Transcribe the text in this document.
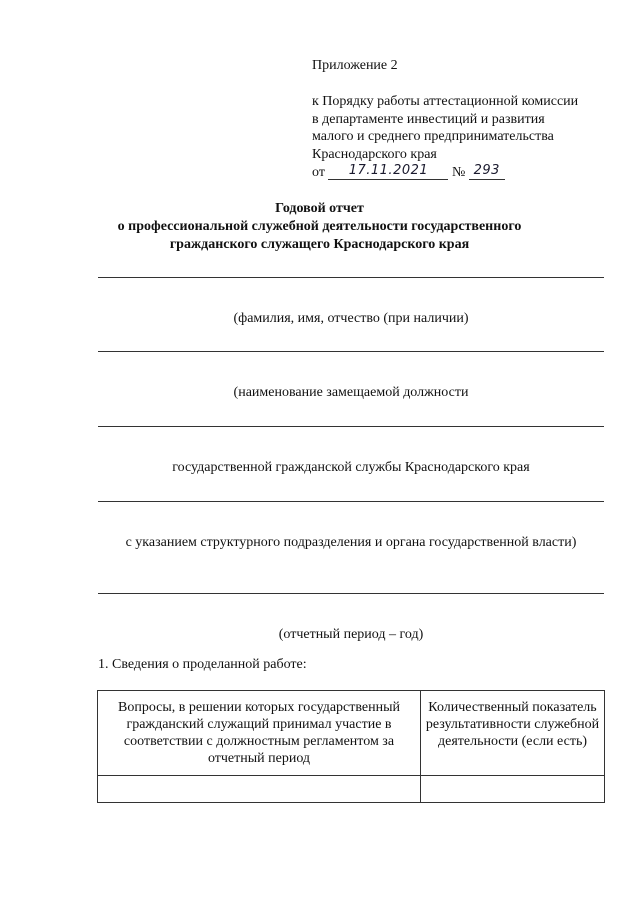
Приложение 2
к Порядку работы аттестационной комиссии
в департаменте инвестиций и развития
малого и среднего предпринимательства
Краснодарского края
от 17.11.2021 № 293
Годовой отчет
о профессиональной служебной деятельности государственного
гражданского служащего Краснодарского края
(фамилия, имя, отчество (при наличии)
(наименование замещаемой должности
государственной гражданской службы Краснодарского края
с указанием структурного подразделения и органа государственной власти)
(отчетный период – год)
1. Сведения о проделанной работе:
Вопросы, в решении которых государственный гражданский служащий принимал участие в соответствии с должностным регламентом за отчетный период	Количественный показатель результативности служебной деятельности (если есть)
